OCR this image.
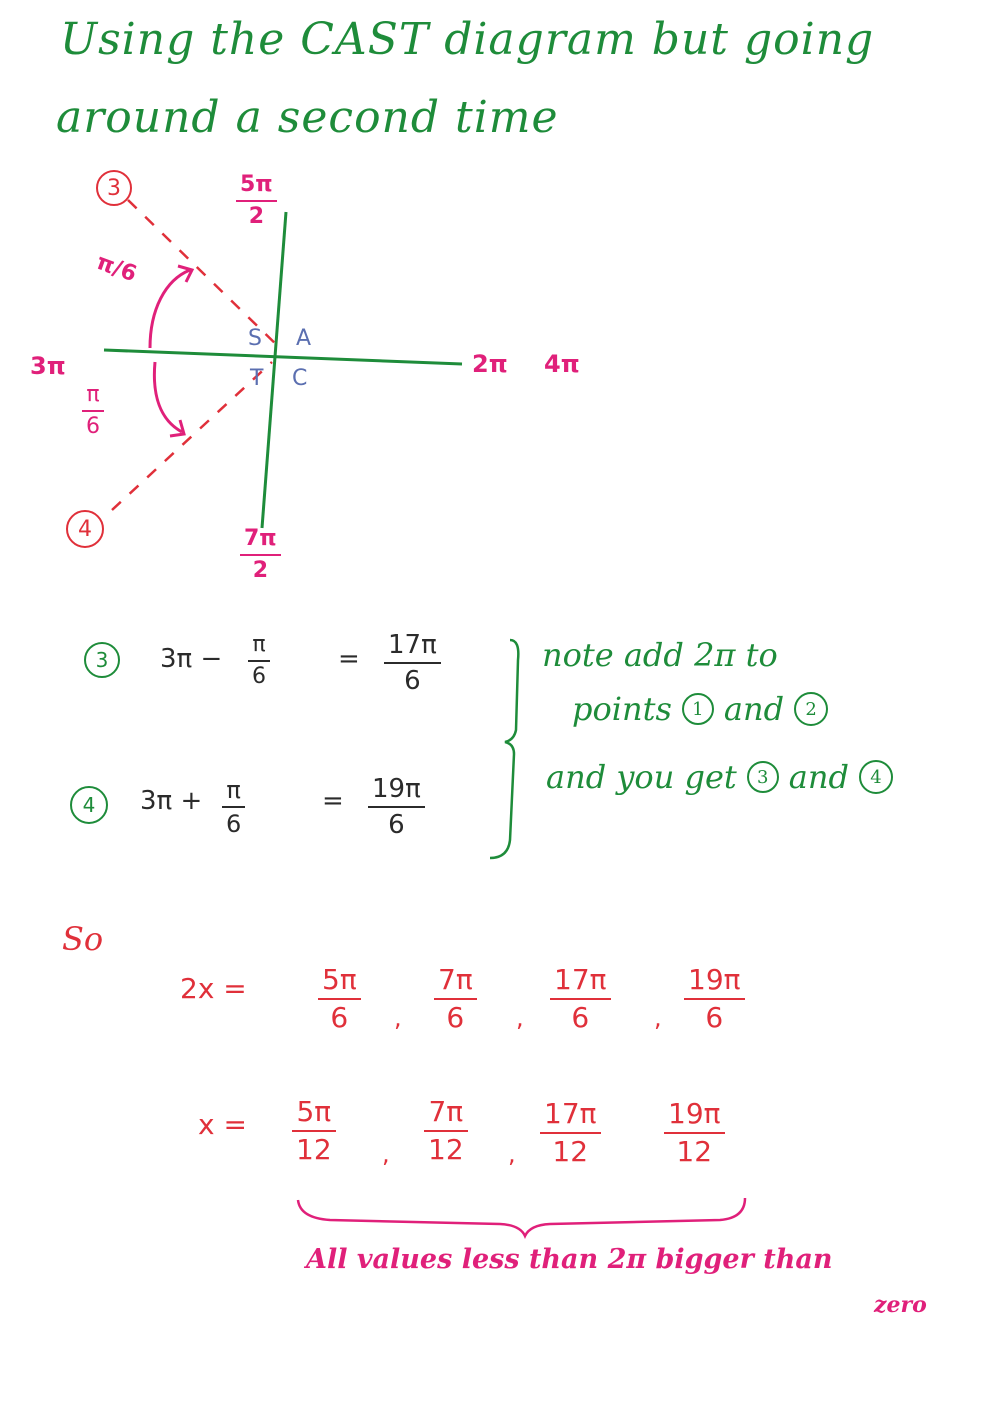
Using the CAST diagram but going
around a second time
3
4
5π
2
7π
2
3π	2π 4π
π/6
π
6
S A
T C
3 3π − π
6
= 17π
6
4 3π + π
6
= 19π
6
note add 2π to
points 1 and 2
and you get 3 and 4
So
2x =	5π
6 ,
7π
6 ,
17π
6	,
19π
6
x = 5π
12 ,
7π
12 ,
17π
12
19π
12
All values less than 2π bigger than
zero
